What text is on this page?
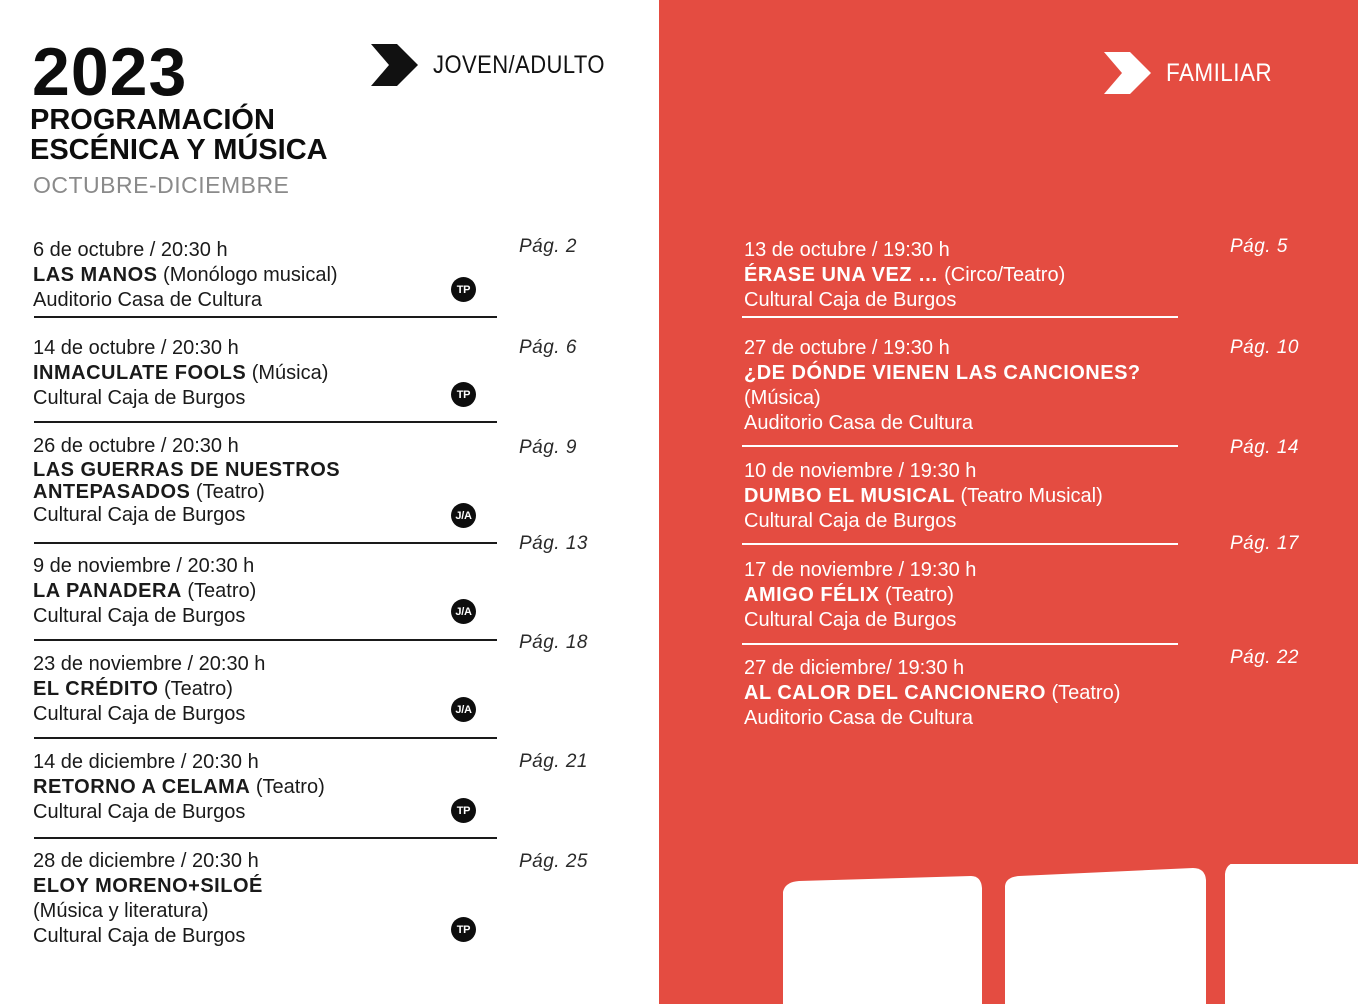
2023
PROGRAMACIÓN
ESCÉNICA Y MÚSICA
OCTUBRE-DICIEMBRE
JOVEN/ADULTO	FAMILIAR
6 de octubre / 20:30 h
LAS MANOS (Monólogo musical)
Auditorio Casa de Cultura
Pág. 2
TP
14 de octubre / 20:30 h
INMACULATE FOOLS (Música)
Cultural Caja de Burgos
Pág. 6
TP
26 de octubre / 20:30 h
LAS GUERRAS DE NUESTROS
ANTEPASADOS (Teatro)
Cultural Caja de Burgos
Pág. 9
J/A
9 de noviembre / 20:30 h
LA PANADERA (Teatro)
Cultural Caja de Burgos
Pág. 13
J/A
23 de noviembre / 20:30 h
EL CRÉDITO (Teatro)
Cultural Caja de Burgos
Pág. 18
J/A
14 de diciembre / 20:30 h
RETORNO A CELAMA (Teatro)
Cultural Caja de Burgos
Pág. 21
TP
28 de diciembre / 20:30 h
ELOY MORENO+SILOÉ
(Música y literatura)
Cultural Caja de Burgos
Pág. 25
TP
13 de octubre / 19:30 h
ÉRASE UNA VEZ … (Circo/Teatro)
Cultural Caja de Burgos
Pág. 5
27 de octubre / 19:30 h
¿DE DÓNDE VIENEN LAS CANCIONES?
(Música)
Auditorio Casa de Cultura
Pág. 10
10 de noviembre / 19:30 h
DUMBO EL MUSICAL (Teatro Musical)
Cultural Caja de Burgos
Pág. 14
17 de noviembre / 19:30 h
AMIGO FÉLIX (Teatro)
Cultural Caja de Burgos
Pág. 17
27 de diciembre/ 19:30 h
AL CALOR DEL CANCIONERO (Teatro)
Auditorio Casa de Cultura
Pág. 22
